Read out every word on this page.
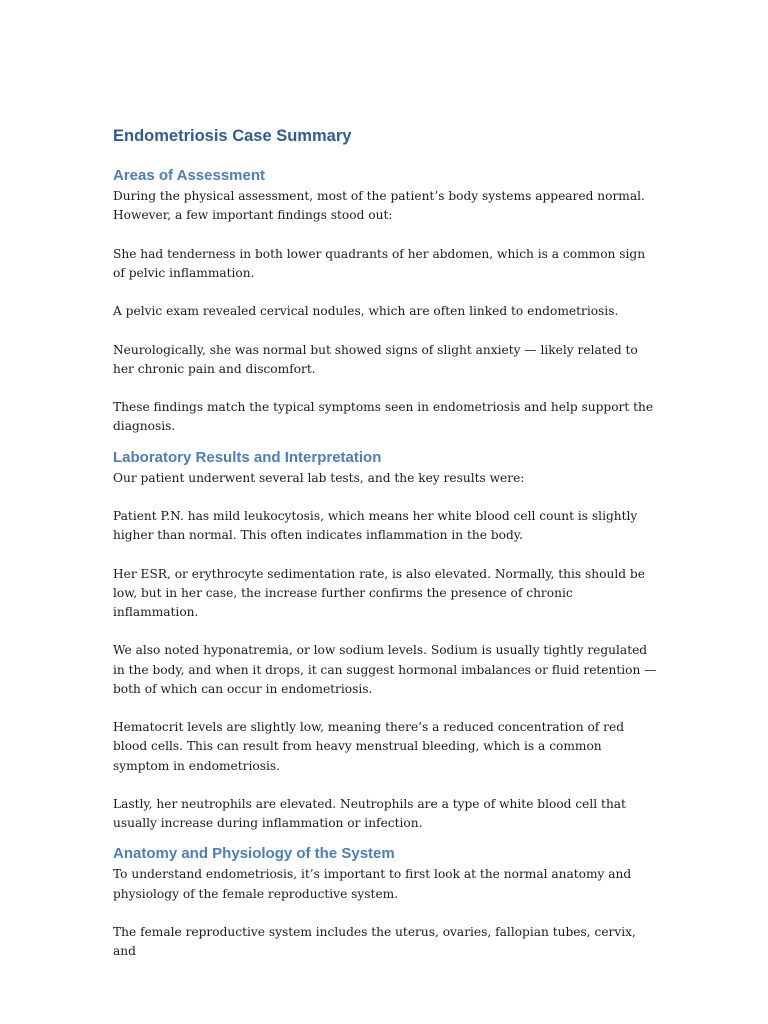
Endometriosis Case Summary
Areas of Assessment

During the physical assessment, most of the patient’s body systems appeared normal. However, a few important findings stood out:

She had tenderness in both lower quadrants of her abdomen, which is a common sign of pelvic inflammation.

A pelvic exam revealed cervical nodules, which are often linked to endometriosis.

Neurologically, she was normal but showed signs of slight anxiety — likely related to her chronic pain and discomfort.

These findings match the typical symptoms seen in endometriosis and help support the diagnosis.

Laboratory Results and Interpretation

Our patient underwent several lab tests, and the key results were:

Patient P.N. has mild leukocytosis, which means her white blood cell count is slightly higher than normal. This often indicates inflammation in the body.

Her ESR, or erythrocyte sedimentation rate, is also elevated. Normally, this should be low, but in her case, the increase further confirms the presence of chronic inflammation.

We also noted hyponatremia, or low sodium levels. Sodium is usually tightly regulated in the body, and when it drops, it can suggest hormonal imbalances or fluid retention — both of which can occur in endometriosis.

Hematocrit levels are slightly low, meaning there’s a reduced concentration of red blood cells. This can result from heavy menstrual bleeding, which is a common symptom in endometriosis.

Lastly, her neutrophils are elevated. Neutrophils are a type of white blood cell that usually increase during inflammation or infection.

Anatomy and Physiology of the System

To understand endometriosis, it’s important to first look at the normal anatomy and physiology of the female reproductive system.

The female reproductive system includes the uterus, ovaries, fallopian tubes, cervix, and
